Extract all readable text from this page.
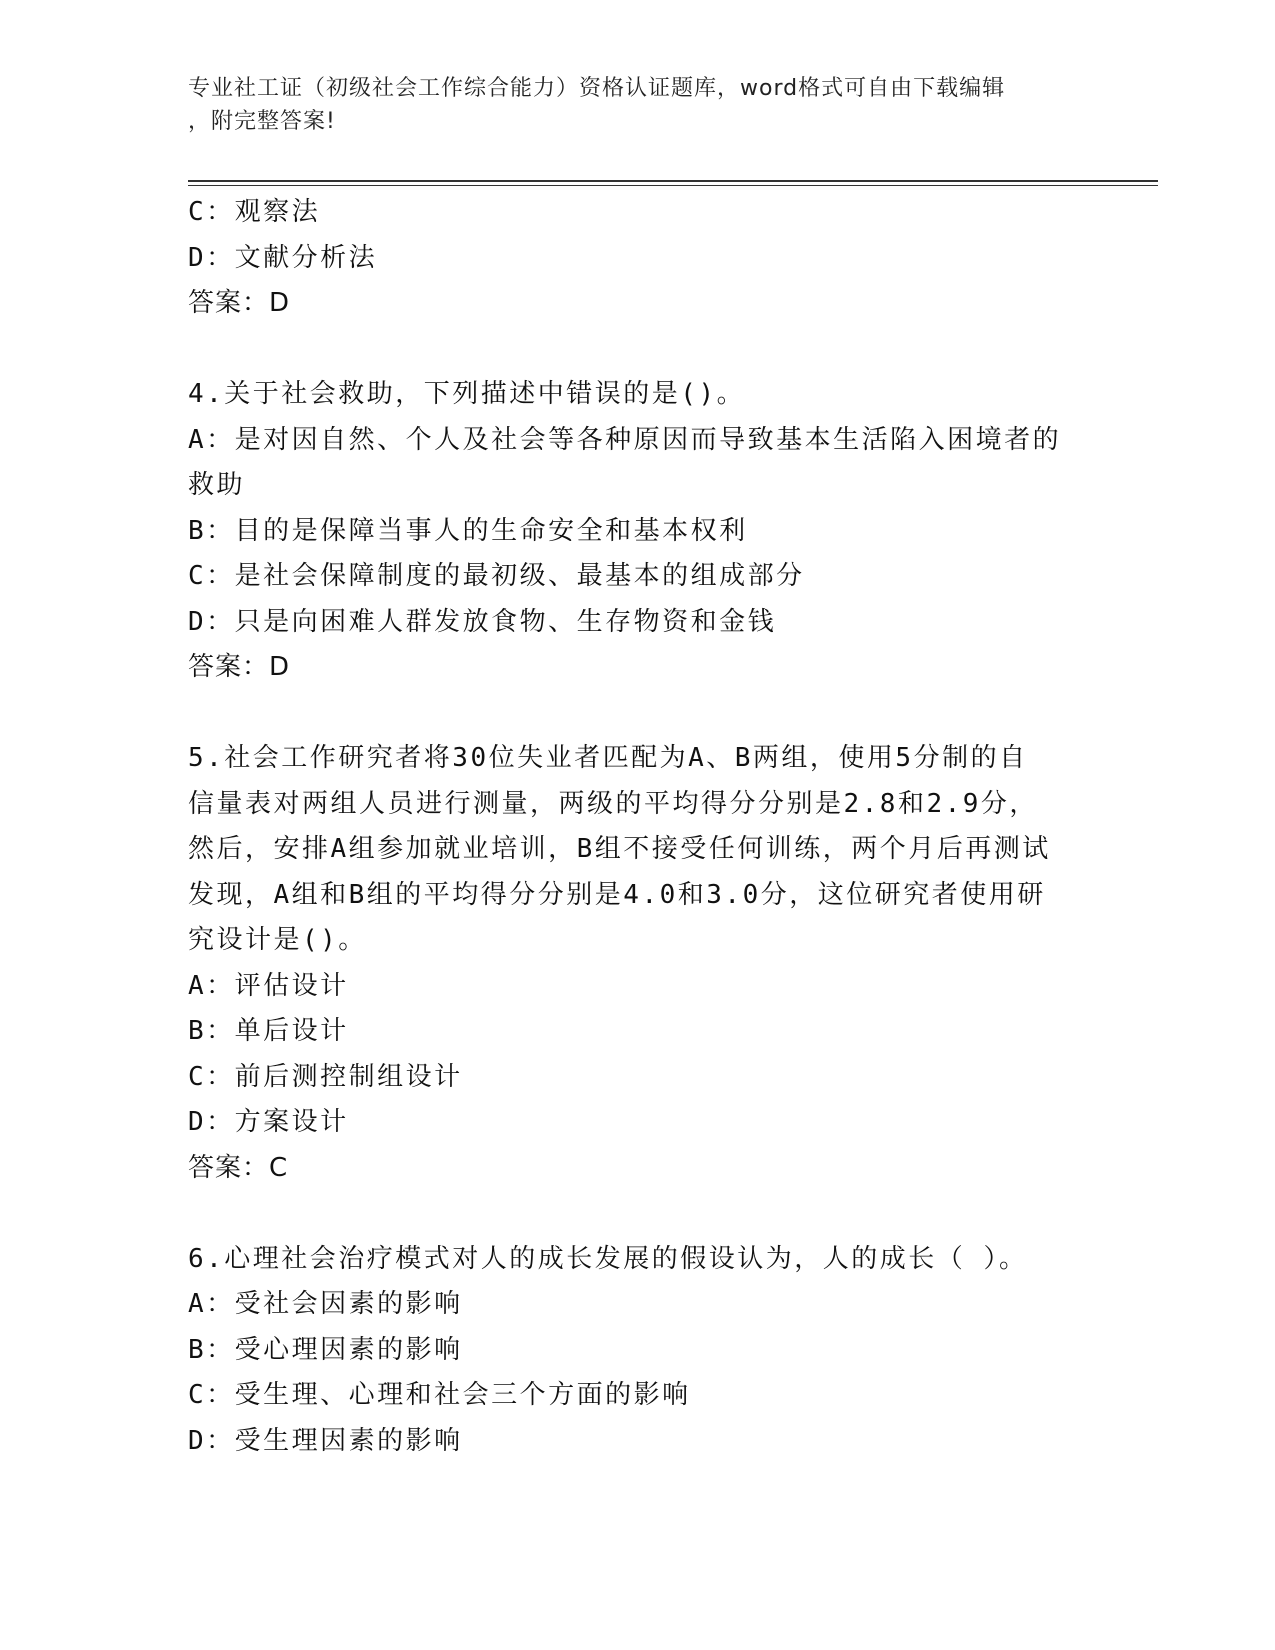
专业社工证（初级社会工作综合能力）资格认证题库，word格式可自由下载编辑
，附完整答案!
C：观察法
D：文献分析法
答案：D
4.关于社会救助，下列描述中错误的是()。
A：是对因自然、个人及社会等各种原因而导致基本生活陷入困境者的
救助
B：目的是保障当事人的生命安全和基本权利
C：是社会保障制度的最初级、最基本的组成部分
D：只是向困难人群发放食物、生存物资和金钱
答案：D
5.社会工作研究者将30位失业者匹配为A、B两组，使用5分制的自
信量表对两组人员进行测量，两级的平均得分分别是2.8和2.9分，
然后，安排A组参加就业培训，B组不接受任何训练，两个月后再测试
发现，A组和B组的平均得分分别是4.0和3.0分，这位研究者使用研
究设计是()。
A：评估设计
B：单后设计
C：前后测控制组设计
D：方案设计
答案：C
6.心理社会治疗模式对人的成长发展的假设认为，人的成长（ ）。
A：受社会因素的影响
B：受心理因素的影响
C：受生理、心理和社会三个方面的影响
D：受生理因素的影响
